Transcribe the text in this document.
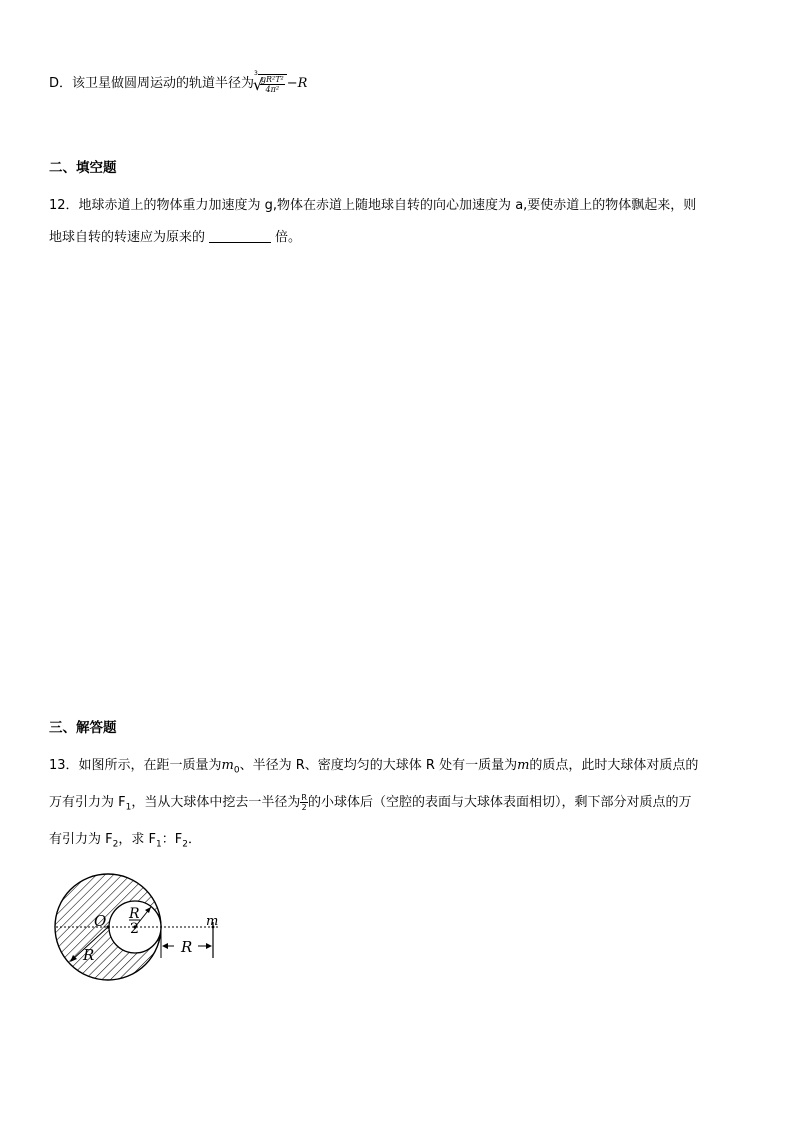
D．该卫星做圆周运动的轨道半径为$^3$
√
$\frac{\text{gR²T²}}{\text{4π²}} -R$
二、填空题
12．地球赤道上的物体重力加速度为 g,物体在赤道上随地球自转的向心加速度为 a,要使赤道上的物体飘起来，则
地球自转的转速应为原来的	倍。
三、解答题
13．如图所示，在距一质量为$m_0$、半径为 R、密度均匀的大球体 R 处有一质量为m的质点，此时大球体对质点的
万有引力为 $F_1$，当从大球体中挖去一半径为 $\frac{R}{2}$ 的小球体后（空腔的表面与大球体表面相切），剩下部分对质点的万
有引力为 $F_2$，求 $F_1$：$F_2$．
O R
2
R
m
R
